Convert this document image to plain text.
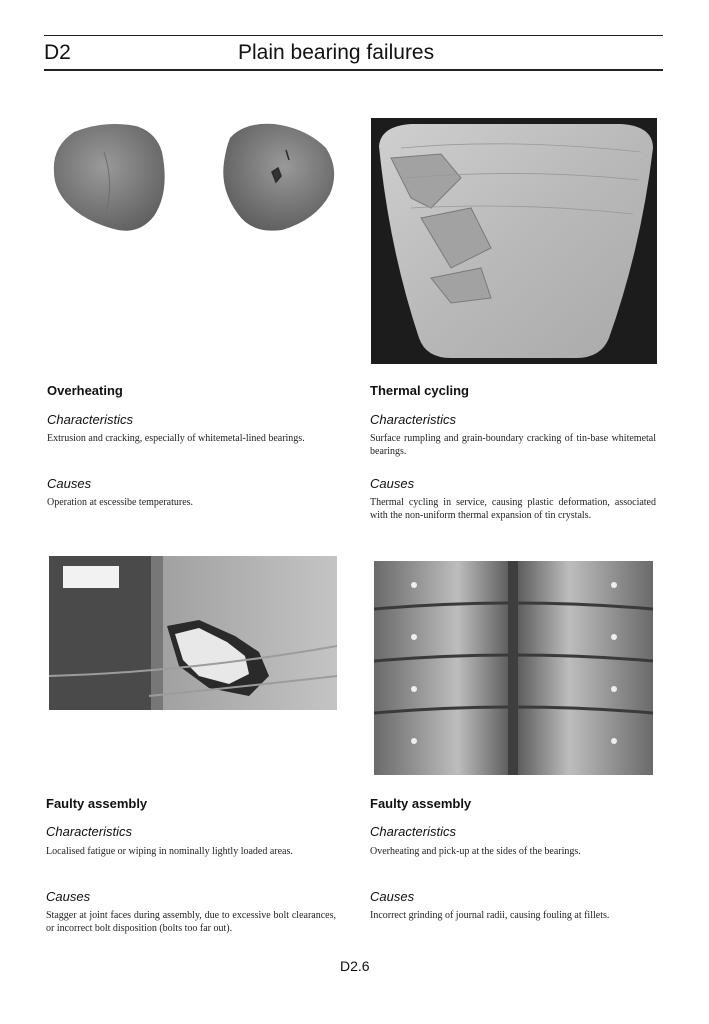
D2	Plain bearing failures
Overheating
Characteristics
Extrusion and cracking, especially of whitemetal-lined bearings.
Causes
Operation at escessibe temperatures.
Thermal cycling
Characteristics
Surface rumpling and grain-boundary cracking of tin-base whitemetal bearings.
Causes
Thermal cycling in service, causing plastic deformation, associated with the non-uniform thermal expansion of tin crystals.
Faulty assembly
Characteristics
Localised fatigue or wiping in nominally lightly loaded areas.
Causes
Stagger at joint faces during assembly, due to excessive bolt clearances, or incorrect bolt disposition (bolts too far out).
Faulty assembly
Characteristics
Overheating and pick-up at the sides of the bearings.
Causes
Incorrect grinding of journal radii, causing fouling at fillets.
D2.6
